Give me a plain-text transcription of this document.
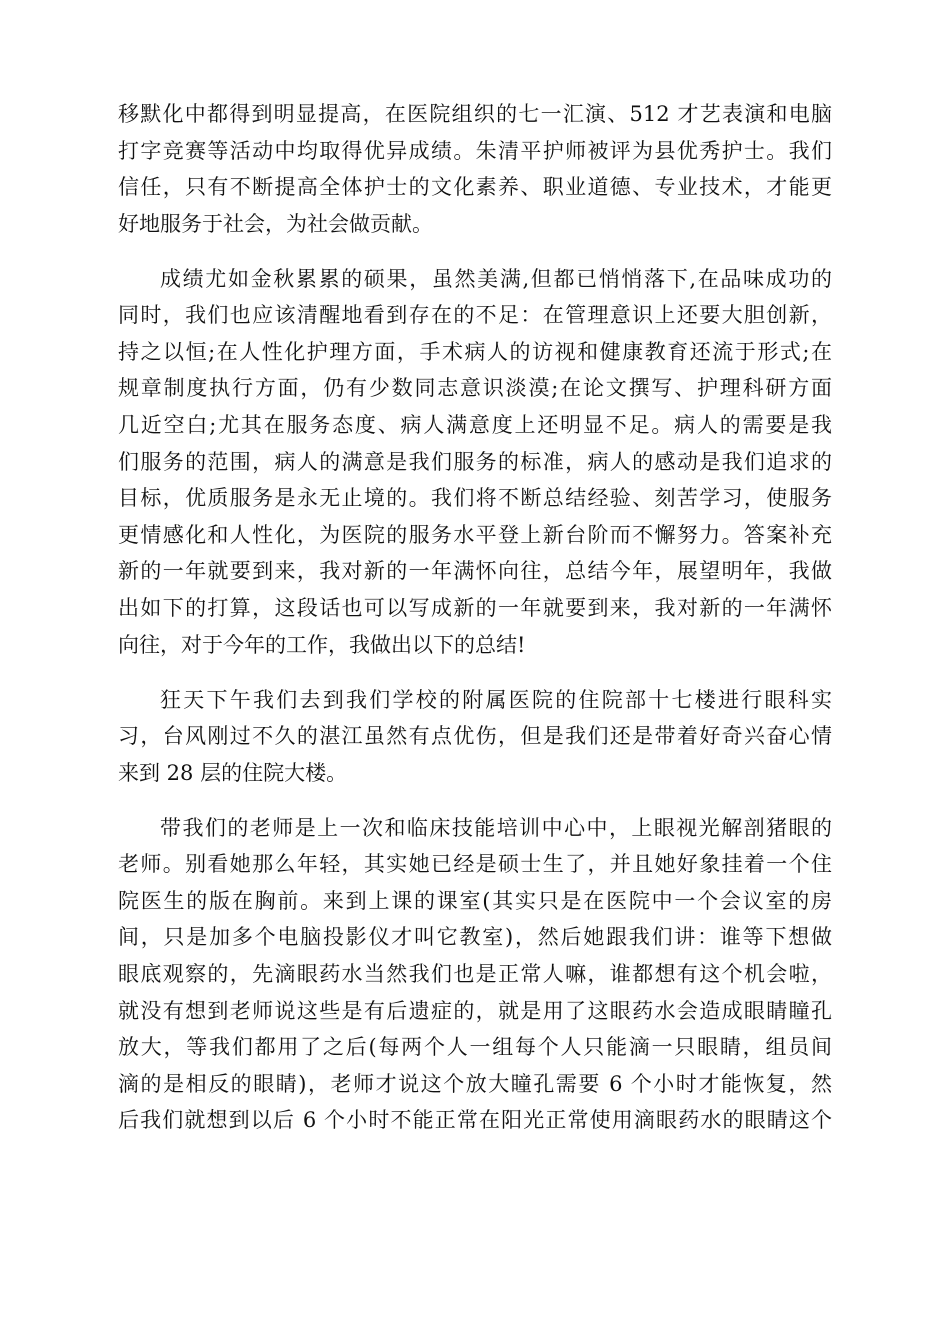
移默化中都得到明显提高，在医院组织的七一汇演、512 才艺表演和电脑
打字竞赛等活动中均取得优异成绩。朱清平护师被评为县优秀护士。我们
信任，只有不断提高全体护士的文化素养、职业道德、专业技术，才能更
好地服务于社会，为社会做贡献。
成绩尤如金秋累累的硕果，虽然美满,但都已悄悄落下,在品味成功的
同时，我们也应该清醒地看到存在的不足：在管理意识上还要大胆创新，
持之以恒;在人性化护理方面，手术病人的访视和健康教育还流于形式;在
规章制度执行方面，仍有少数同志意识淡漠;在论文撰写、护理科研方面
几近空白;尤其在服务态度、病人满意度上还明显不足。病人的需要是我
们服务的范围，病人的满意是我们服务的标准，病人的感动是我们追求的
目标，优质服务是永无止境的。我们将不断总结经验、刻苦学习，使服务
更情感化和人性化，为医院的服务水平登上新台阶而不懈努力。答案补充
新的一年就要到来，我对新的一年满怀向往，总结今年，展望明年，我做
出如下的打算，这段话也可以写成新的一年就要到来，我对新的一年满怀
向往，对于今年的工作，我做出以下的总结!
狂天下午我们去到我们学校的附属医院的住院部十七楼进行眼科实
习，台风刚过不久的湛江虽然有点优伤，但是我们还是带着好奇兴奋心情
来到 28 层的住院大楼。
带我们的老师是上一次和临床技能培训中心中，上眼视光解剖猪眼的
老师。别看她那么年轻，其实她已经是硕士生了，并且她好象挂着一个住
院医生的版在胸前。来到上课的课室(其实只是在医院中一个会议室的房
间，只是加多个电脑投影仪才叫它教室)，然后她跟我们讲：谁等下想做
眼底观察的，先滴眼药水当然我们也是正常人嘛，谁都想有这个机会啦，
就没有想到老师说这些是有后遗症的，就是用了这眼药水会造成眼睛瞳孔
放大，等我们都用了之后(每两个人一组每个人只能滴一只眼睛，组员间
滴的是相反的眼睛)，老师才说这个放大瞳孔需要 6 个小时才能恢复，然
后我们就想到以后 6 个小时不能正常在阳光正常使用滴眼药水的眼睛这个
